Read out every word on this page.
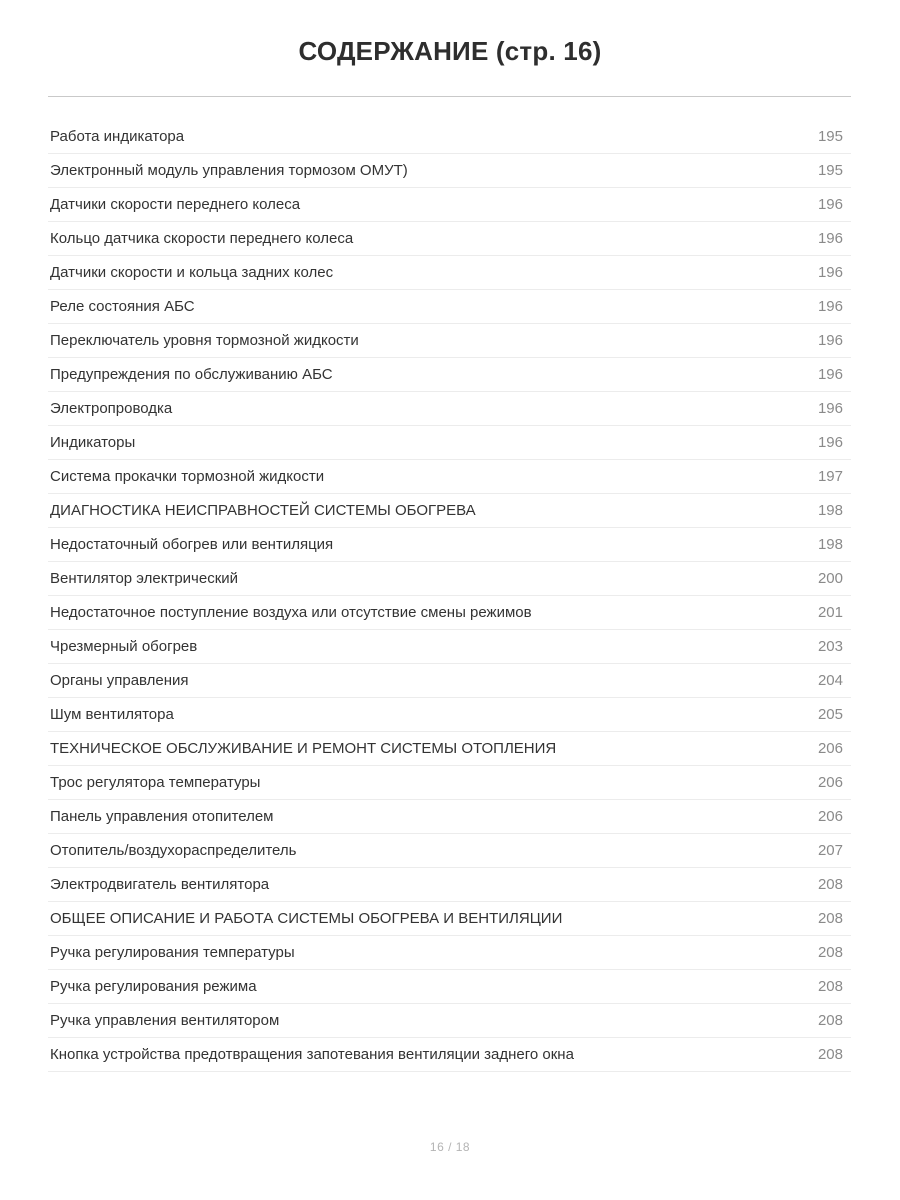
СОДЕРЖАНИЕ (стр. 16)
Работа индикатора	195
Электронный модуль управления тормозом ОМУТ)	195
Датчики скорости переднего колеса	196
Кольцо датчика скорости переднего колеса	196
Датчики скорости и кольца задних колес	196
Реле состояния АБС	196
Переключатель уровня тормозной жидкости	196
Предупреждения по обслуживанию АБС	196
Электропроводка	196
Индикаторы	196
Система прокачки тормозной жидкости	197
ДИАГНОСТИКА НЕИСПРАВНОСТЕЙ СИСТЕМЫ ОБОГРЕВА	198
Недостаточный обогрев или вентиляция	198
Вентилятор электрический	200
Недостаточное поступление воздуха или отсутствие смены режимов	201
Чрезмерный обогрев	203
Органы управления	204
Шум вентилятора	205
ТЕХНИЧЕСКОЕ ОБСЛУЖИВАНИЕ И РЕМОНТ СИСТЕМЫ ОТОПЛЕНИЯ	206
Трос регулятора температуры	206
Панель управления отопителем	206
Отопитель/воздухораспределитель	207
Электродвигатель вентилятора	208
ОБЩЕЕ ОПИСАНИЕ И РАБОТА СИСТЕМЫ ОБОГРЕВА И ВЕНТИЛЯЦИИ	208
Ручка регулирования температуры	208
Ручка регулирования режима	208
Ручка управления вентилятором	208
Кнопка устройства предотвращения запотевания вентиляции заднего окна	208
16 / 18
